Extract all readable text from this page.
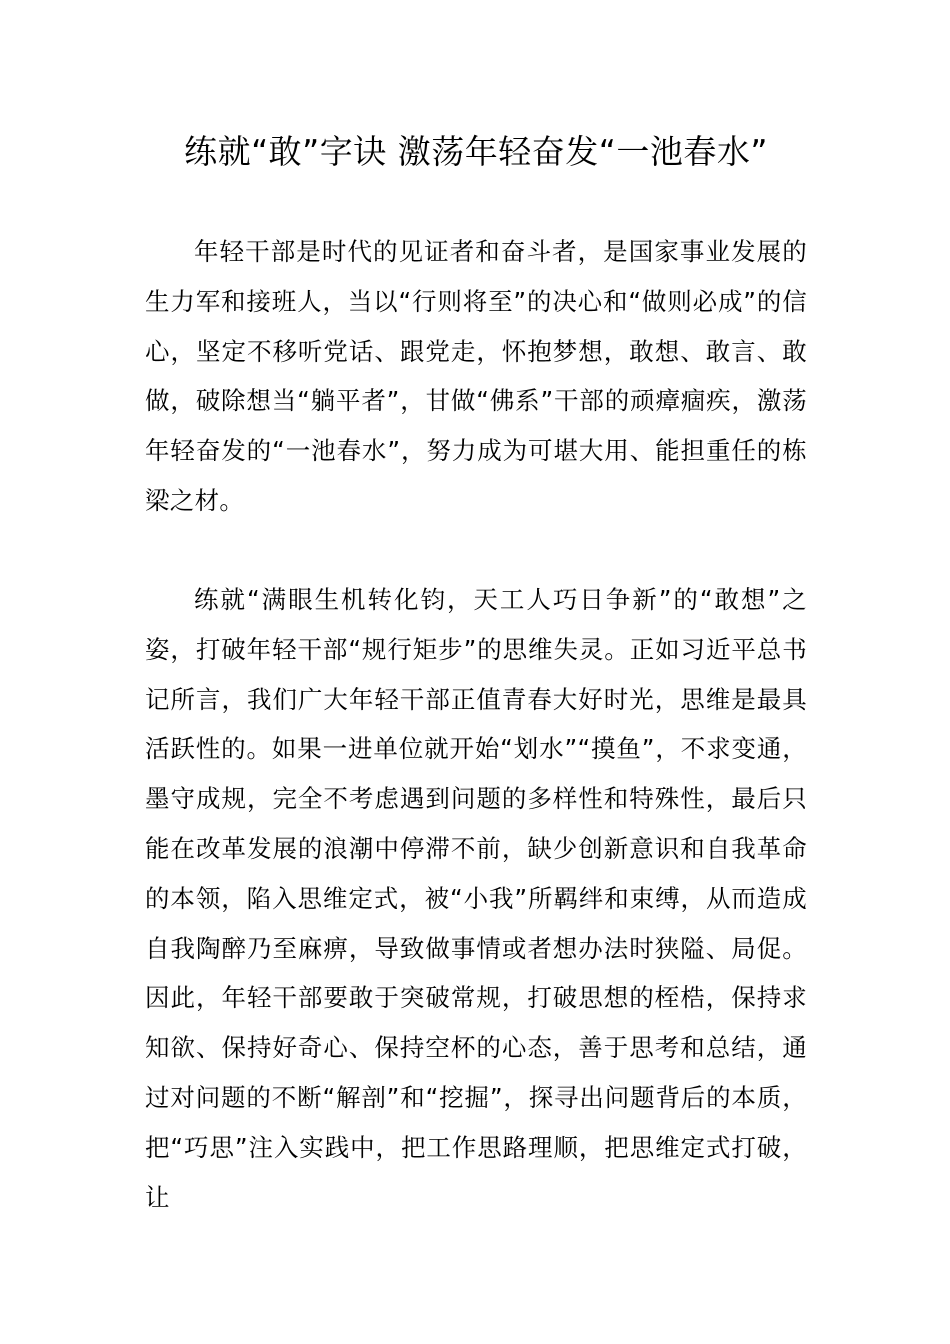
练就“敢”字诀 激荡年轻奋发“一池春水”

年轻干部是时代的见证者和奋斗者，是国家事业发展的生力军和接班人，当以“行则将至”的决心和“做则必成”的信心，坚定不移听党话、跟党走，怀抱梦想，敢想、敢言、敢做，破除想当“躺平者”，甘做“佛系”干部的顽瘴痼疾，激荡年轻奋发的“一池春水”，努力成为可堪大用、能担重任的栋梁之材。

练就“满眼生机转化钧，天工人巧日争新”的“敢想”之姿，打破年轻干部“规行矩步”的思维失灵。正如习近平总书记所言，我们广大年轻干部正值青春大好时光，思维是最具活跃性的。如果一进单位就开始“划水”“摸鱼”，不求变通，墨守成规，完全不考虑遇到问题的多样性和特殊性，最后只能在改革发展的浪潮中停滞不前，缺少创新意识和自我革命的本领，陷入思维定式，被“小我”所羁绊和束缚，从而造成自我陶醉乃至麻痹，导致做事情或者想办法时狭隘、局促。因此，年轻干部要敢于突破常规，打破思想的桎梏，保持求知欲、保持好奇心、保持空杯的心态，善于思考和总结，通过对问题的不断“解剖”和“挖掘”，探寻出问题背后的本质，把“巧思”注入实践中，把工作思路理顺，把思维定式打破，让
